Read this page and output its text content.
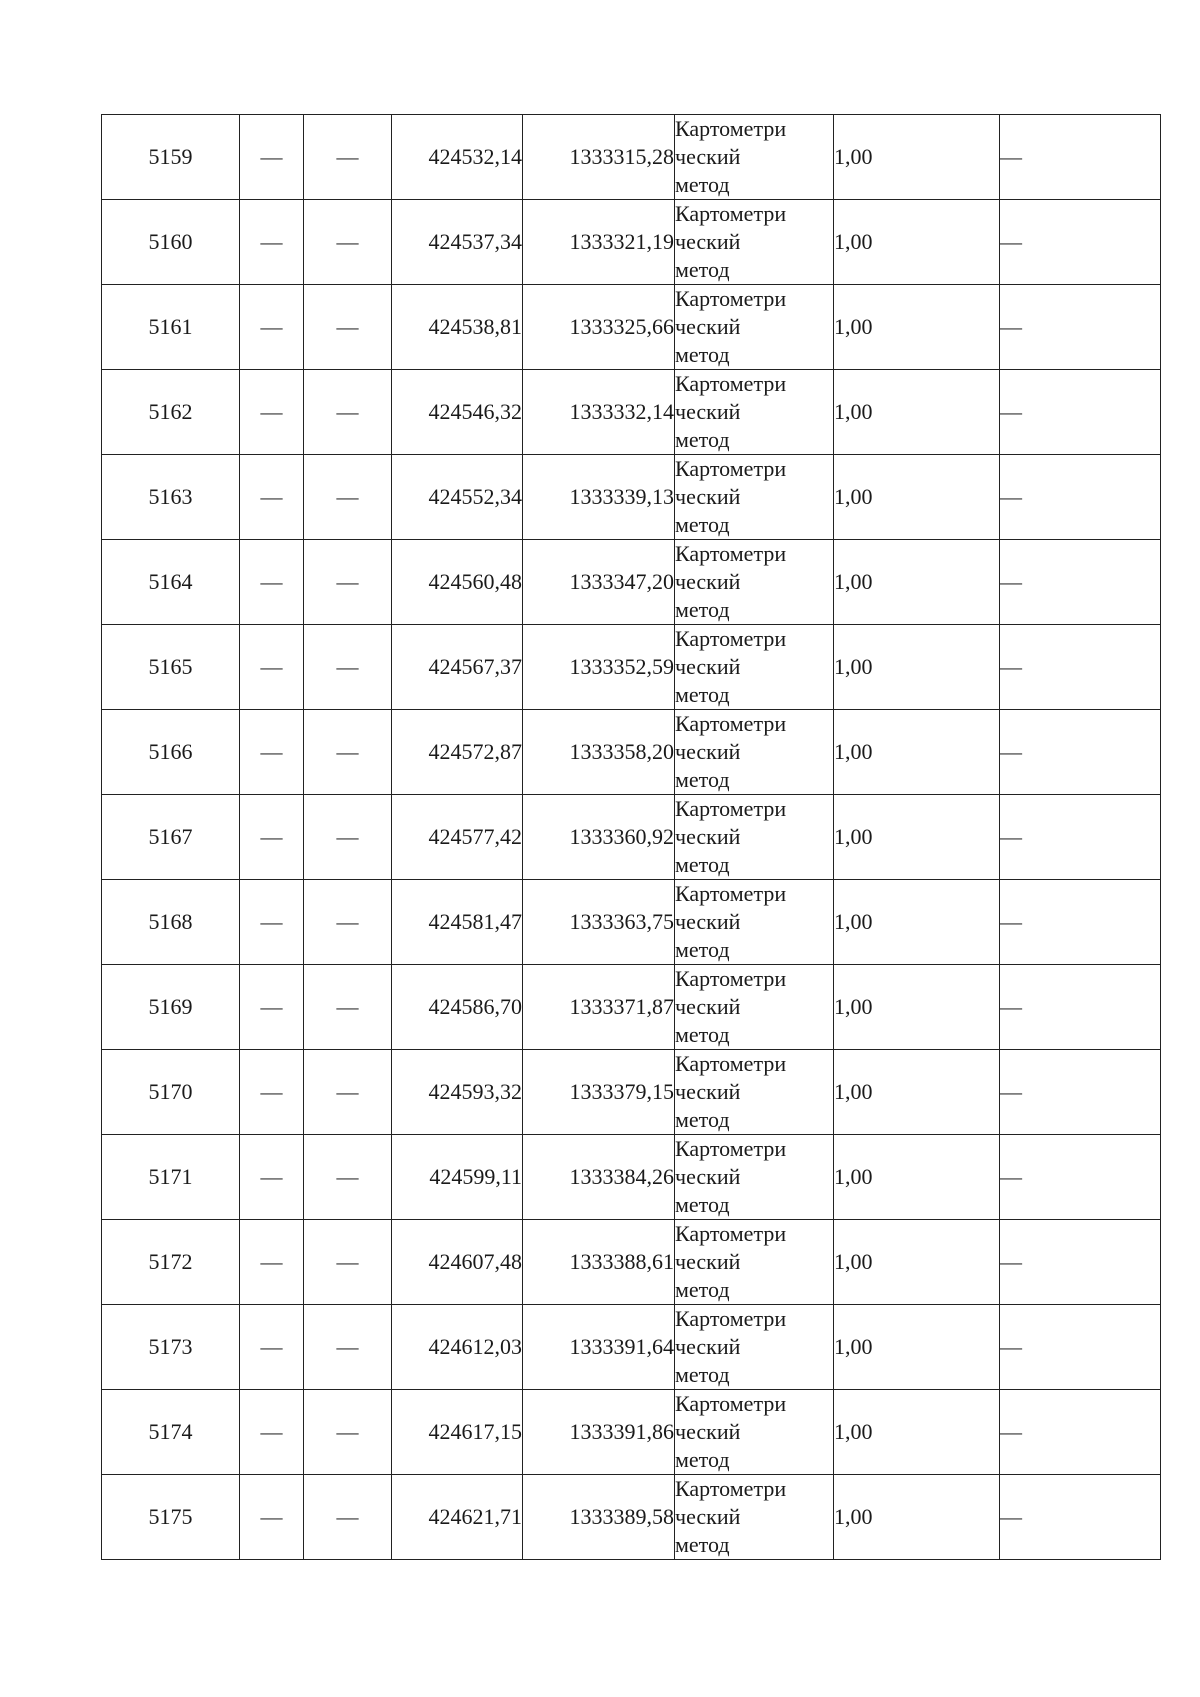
5159	—	—	424532,14	1333315,28	Картометри
ческий
метод	1,00	—
5160	—	—	424537,34	1333321,19	Картометри
ческий
метод	1,00	—
5161	—	—	424538,81	1333325,66	Картометри
ческий
метод	1,00	—
5162	—	—	424546,32	1333332,14	Картометри
ческий
метод	1,00	—
5163	—	—	424552,34	1333339,13	Картометри
ческий
метод	1,00	—
5164	—	—	424560,48	1333347,20	Картометри
ческий
метод	1,00	—
5165	—	—	424567,37	1333352,59	Картометри
ческий
метод	1,00	—
5166	—	—	424572,87	1333358,20	Картометри
ческий
метод	1,00	—
5167	—	—	424577,42	1333360,92	Картометри
ческий
метод	1,00	—
5168	—	—	424581,47	1333363,75	Картометри
ческий
метод	1,00	—
5169	—	—	424586,70	1333371,87	Картометри
ческий
метод	1,00	—
5170	—	—	424593,32	1333379,15	Картометри
ческий
метод	1,00	—
5171	—	—	424599,11	1333384,26	Картометри
ческий
метод	1,00	—
5172	—	—	424607,48	1333388,61	Картометри
ческий
метод	1,00	—
5173	—	—	424612,03	1333391,64	Картометри
ческий
метод	1,00	—
5174	—	—	424617,15	1333391,86	Картометри
ческий
метод	1,00	—
5175	—	—	424621,71	1333389,58	Картометри
ческий
метод	1,00	—
